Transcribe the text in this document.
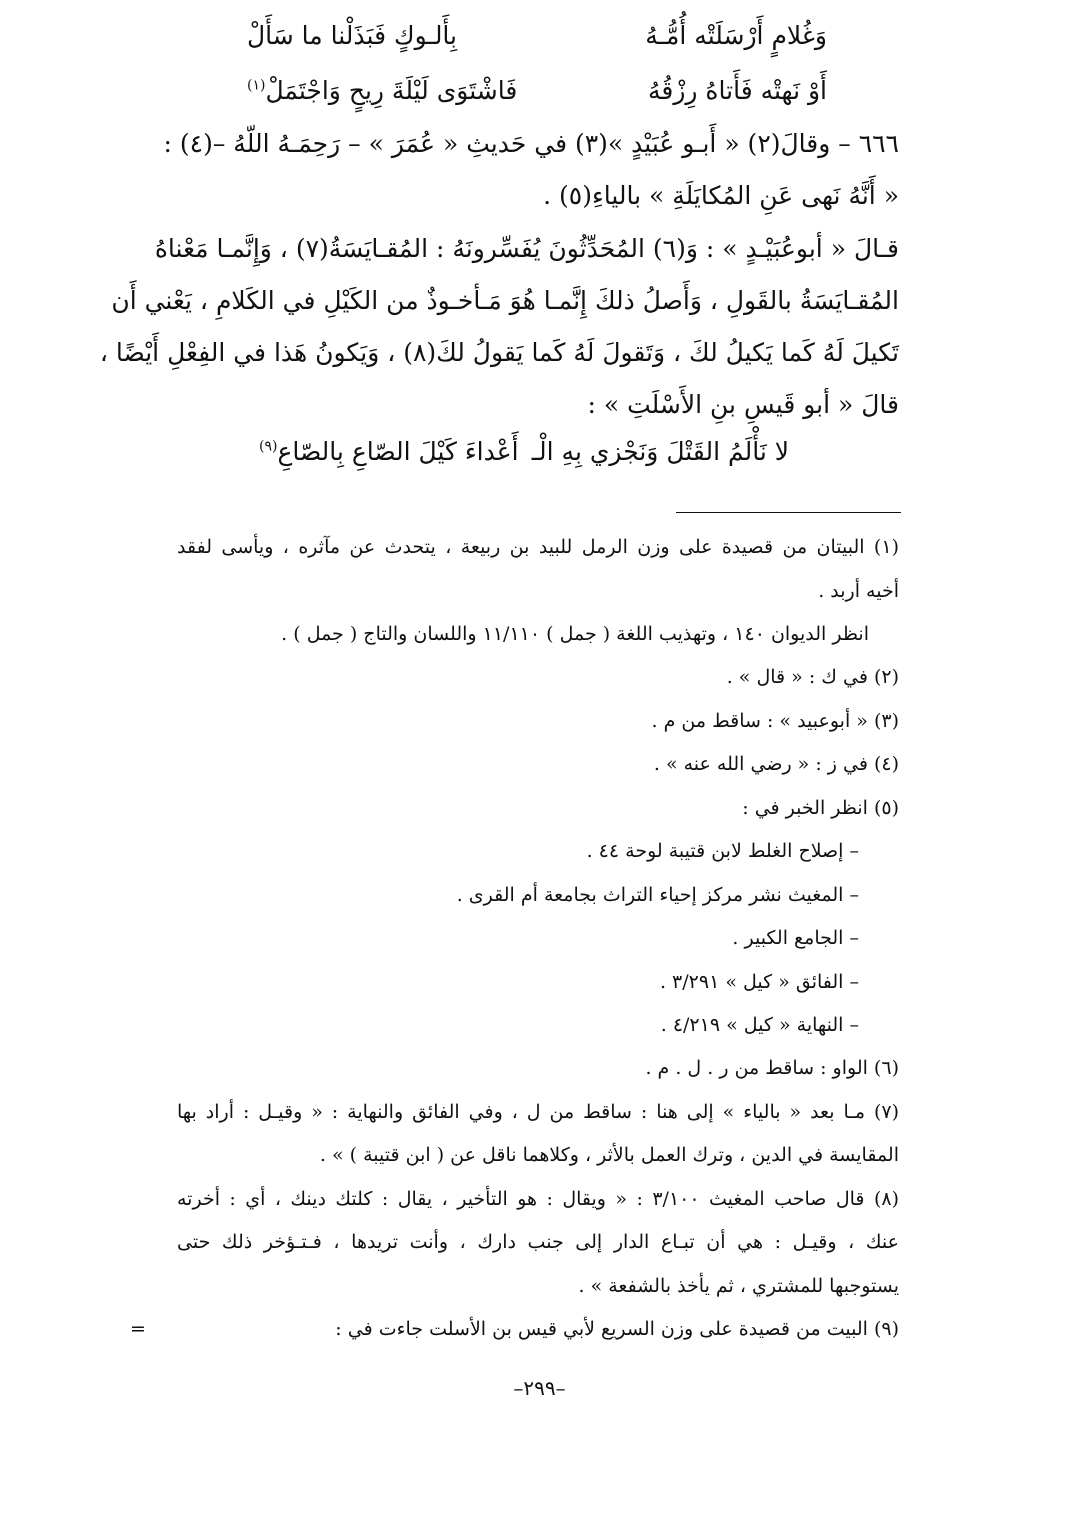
وَغُلامٍ أَرْسَلَتْه أُمُّـهُ
بِأَلـوكٍ فَبَذَلْنا ما سَأَلْ
أَوْ نَهتْه فَأَتاهُ رِزْقُهُ
فَاشْتَوَى لَيْلَةَ رِيحٍ وَاجْتَمَلْ$^{(١)}$
٦٦٦ – وقالَ(٢) « أَبـو عُبَيْدٍ »(٣) في حَديثِ « عُمَرَ » – رَحِمَـهُ اللّهُ –(٤) :
« أَنَّهُ نَهى عَنِ المُكايَلَةِ » بالياءِ(٥) .
قـالَ « أبوعُبَيْـدٍ » : وَ(٦) المُحَدِّثُونَ يُفَسِّرونَهُ : المُقـايَسَةُ(٧) ، وَإِنَّمـا مَعْناهُ
المُقـايَسَةُ بالقَولِ ، وَأَصلُ ذلكَ إِنَّمـا هُوَ مَـأخـوذٌ من الكَيْلِ في الكَلامِ ، يَعْني أَن
تَكيلَ لَهُ كَما يَكيلُ لكَ ، وَتَقولَ لَهُ كَما يَقولُ لكَ(٨) ، وَيَكونُ هَذا في الفِعْلِ أَيْضًا ،
قالَ « أبو قَيسِ بنِ الأَسْلَتِ » :
لا نَأْلَمُ القَتْلَ وَنَجْزي بِهِ الْـ
أَعْداءَ كَيْلَ الصّاعِ بِالصّاعِ$^{(٩)}$
(١) البيتان من قصيدة على وزن الرمل للبيد بن ربيعة ، يتحدث عن مآثره ، ويأسى لفقد
أخيه أربد .
انظر الديوان ١٤٠ ، وتهذيب اللغة ( جمل ) ١١/١١٠ واللسان والتاج ( جمل ) .
(٢) في ك : « قال » .
(٣) « أبوعبيد » : ساقط من م .
(٤) في ز : « رضي الله عنه » .
(٥) انظر الخبر في :
– إصلاح الغلط لابن قتيبة لوحة ٤٤ .
– المغيث نشر مركز إحياء التراث بجامعة أم القرى .
– الجامع الكبير .
– الفائق « كيل » ٣/٢٩١ .
– النهاية « كيل » ٤/٢١٩ .
(٦) الواو : ساقط من ر . ل . م .
(٧) مـا بعد « بالياء » إلى هنا : ساقط من ل ، وفي الفائق والنهاية : « وقيـل : أراد بها
المقايسة في الدين ، وترك العمل بالأثر ، وكلاهما ناقل عن ( ابن قتيبة ) » .
(٨) قال صاحب المغيث ٣/١٠٠ : « ويقال : هو التأخير ، يقال : كلتك دينك ، أي : أخرته
عنك ، وقيـل : هي أن تبـاع الدار إلى جنب دارك ، وأنت تريدها ، فـتـؤخر ذلك حتى
يستوجبها للمشتري ، ثم يأخذ بالشفعة » .
(٩) البيت من قصيدة على وزن السريع لأبي قيس بن الأسلت جاءت في :
=
–٢٩٩–
